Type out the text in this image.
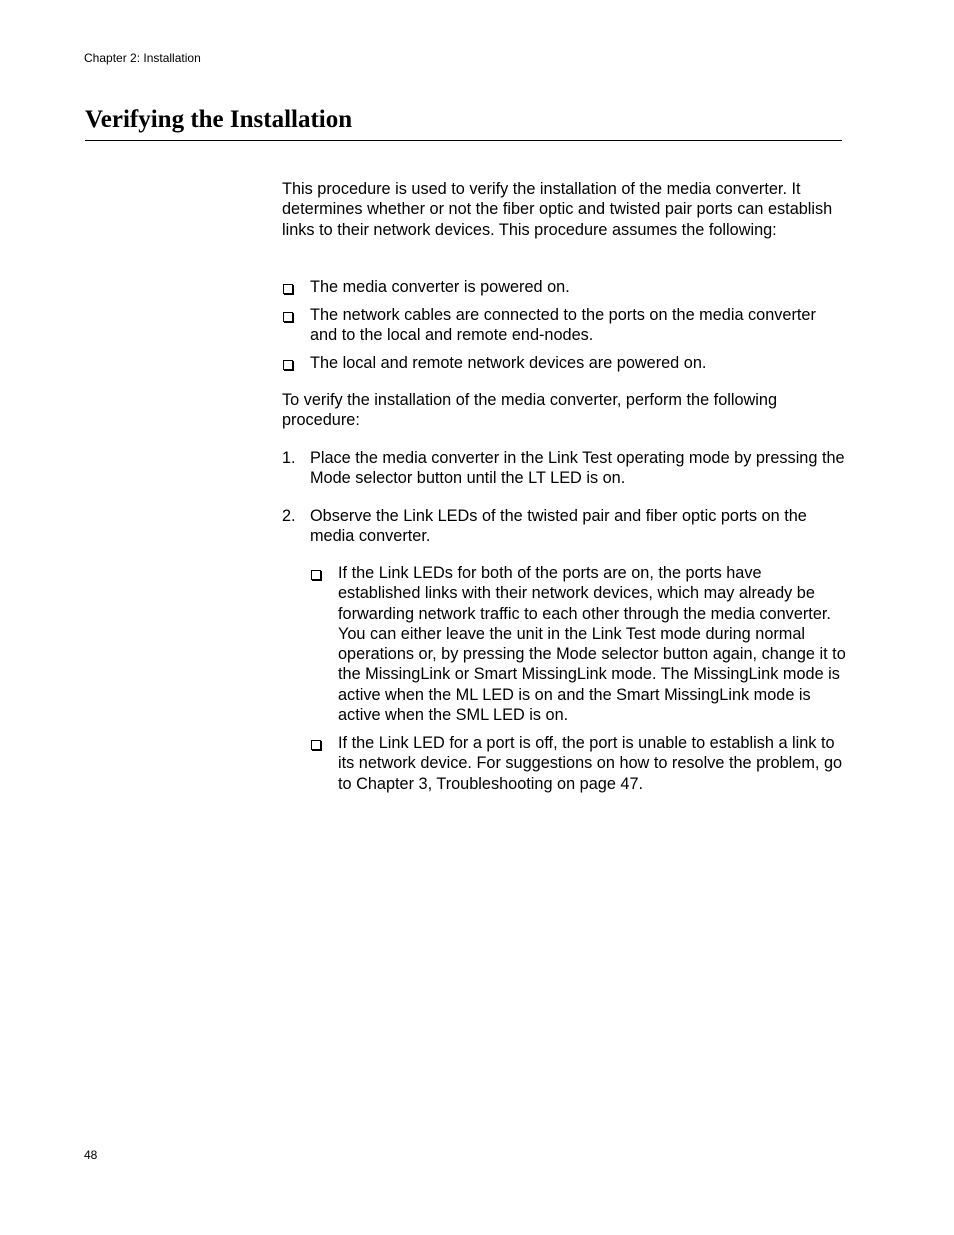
Chapter 2: Installation
Verifying the Installation

This procedure is used to verify the installation of the media converter. It determines whether or not the fiber optic and twisted pair ports can establish links to their network devices. This procedure assumes the following:

The media converter is powered on.
The network cables are connected to the ports on the media converter and to the local and remote end-nodes.
The local and remote network devices are powered on.

To verify the installation of the media converter, perform the following procedure:

1. Place the media converter in the Link Test operating mode by pressing the Mode selector button until the LT LED is on.
2. Observe the Link LEDs of the twisted pair and fiber optic ports on the media converter.
If the Link LEDs for both of the ports are on, the ports have established links with their network devices, which may already be forwarding network traffic to each other through the media converter. You can either leave the unit in the Link Test mode during normal operations or, by pressing the Mode selector button again, change it to the MissingLink or Smart MissingLink mode. The MissingLink mode is active when the ML LED is on and the Smart MissingLink mode is active when the SML LED is on.
If the Link LED for a port is off, the port is unable to establish a link to its network device. For suggestions on how to resolve the problem, go to Chapter 3, Troubleshooting on page 47.
48
